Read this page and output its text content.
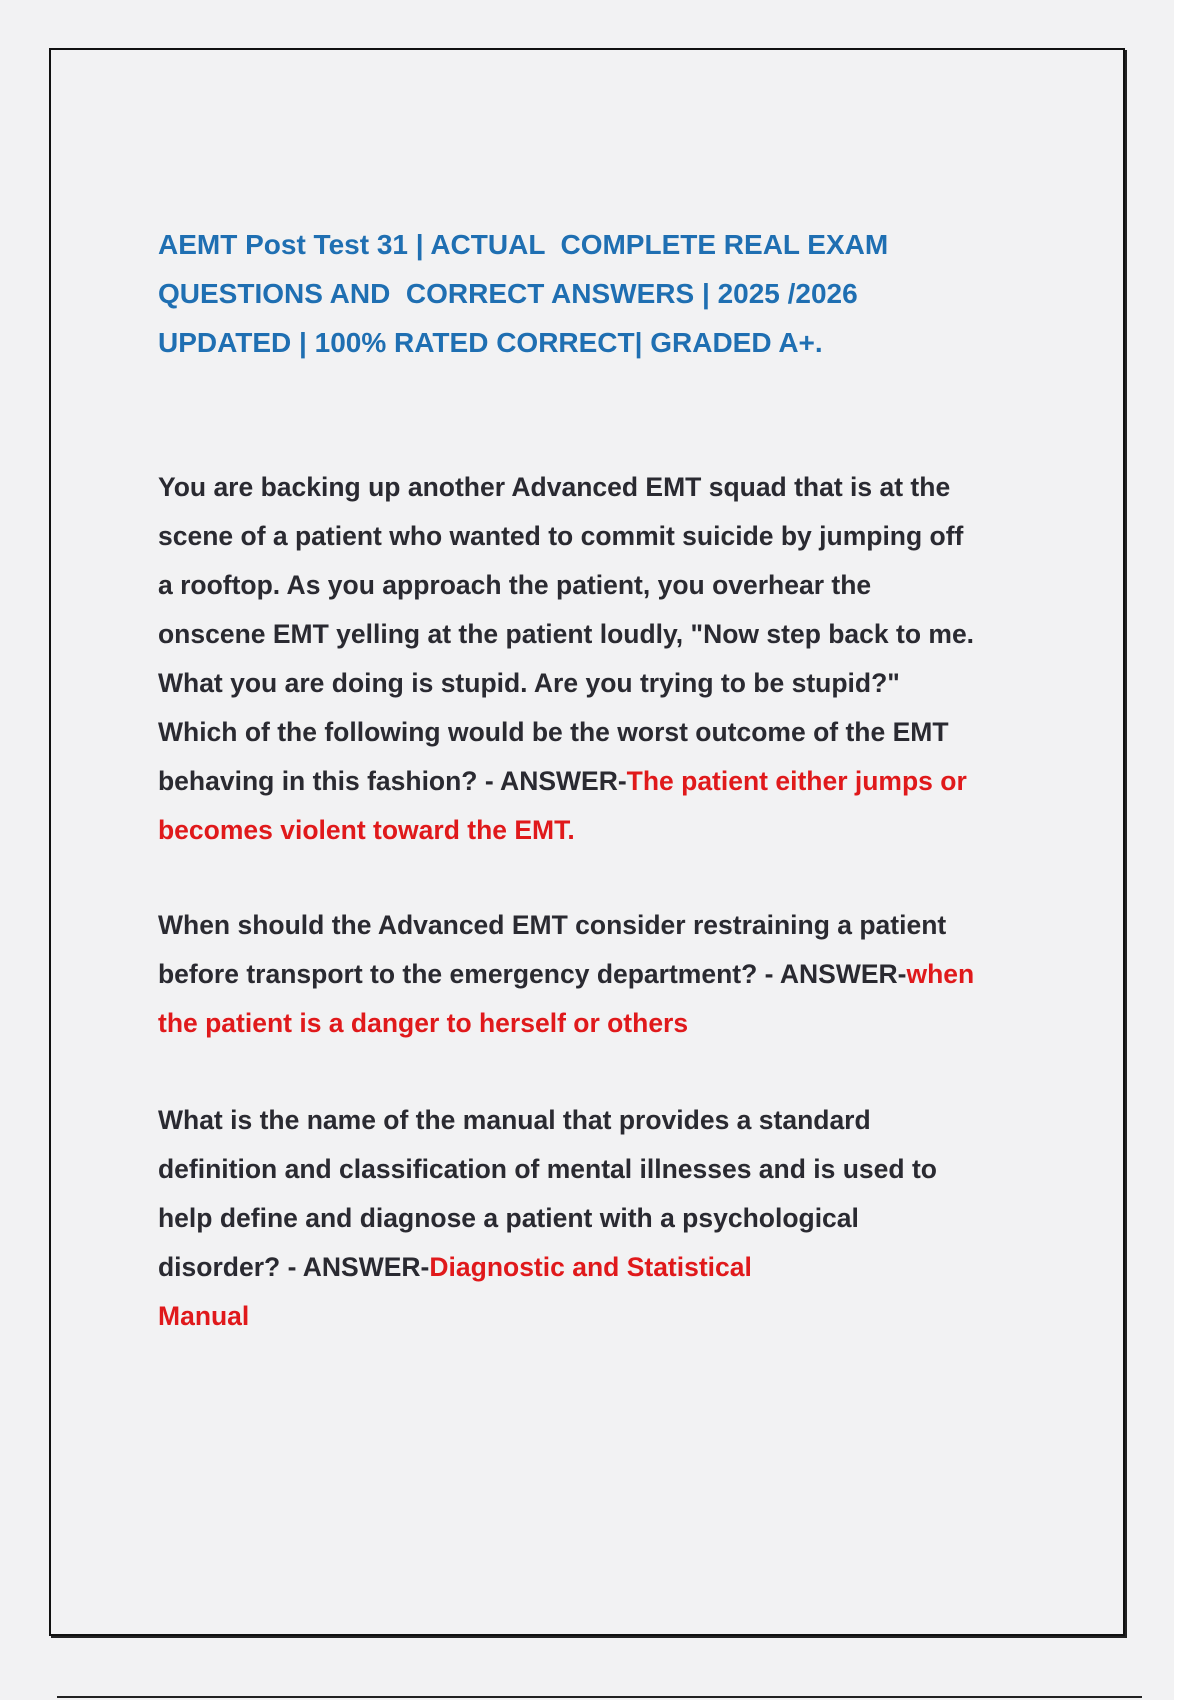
AEMT Post Test 31 | ACTUAL  COMPLETE REAL EXAM
QUESTIONS AND  CORRECT ANSWERS | 2025 /2026
UPDATED | 100% RATED CORRECT| GRADED A+.
You are backing up another Advanced EMT squad that is at the
scene of a patient who wanted to commit suicide by jumping off
a rooftop. As you approach the patient, you overhear the
onscene EMT yelling at the patient loudly, "Now step back to me.
What you are doing is stupid. Are you trying to be stupid?"
Which of the following would be the worst outcome of the EMT
behaving in this fashion? - ANSWER-The patient either jumps or
becomes violent toward the EMT.
When should the Advanced EMT consider restraining a patient
before transport to the emergency department? - ANSWER-when
the patient is a danger to herself or others
What is the name of the manual that provides a standard
definition and classification of mental illnesses and is used to
help define and diagnose a patient with a psychological
disorder? - ANSWER-Diagnostic and Statistical
Manual
